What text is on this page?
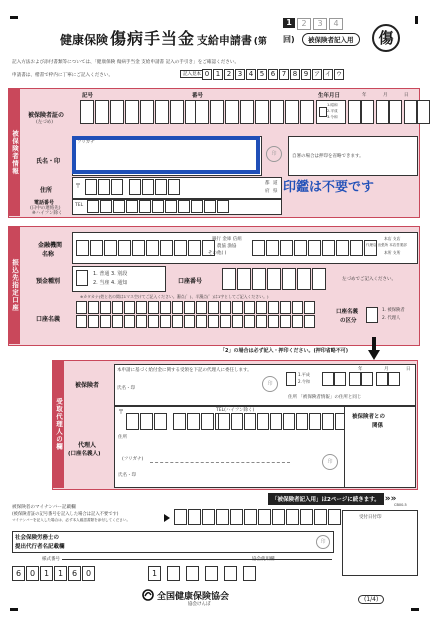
健康保険 傷病手当金 支給申請書 (第
1	2	3	4
回)	被保険者記入用	傷
記入方法および添付書類等については、「健康保険 傷病手当金 支給申請書 記入の手引き」をご確認ください。
申請書は、楷書で枠内に丁寧にご記入ください。	記入見本 0 1 2 3 4 5 6 7 8 9 ア イ ウ
被保険者情報
記号	番号	生年月日	年	月	日
被保険者証の
(左づめ)
1.昭和
2.平成
3.令和
氏名・印
フリガナ
印	自署の場合は押印を省略できます。
住所
〒	都 道
府 県 印鑑は不要です
電話番号
(日中の連絡先)
※ハイフン除く
TEL
振込先指定口座
金融機関
名称
銀行 金庫 信組
農協 漁協
その他( )
本店 支店
代理店 出張所 本店営業部
本所 支所
預金種別
1. 普通 3. 別段
2. 当座 4. 通知	口座番号	左づめでご記入ください。
※カタカナ(姓と名の間は1マス空けてご記入ください。濁点(゛)、半濁点(゜)は1字としてご記入ください。)
口座名義
口座名義
の区分
1. 被保険者
2. 代理人
「2」の場合は必ず記入・押印ください。(押印省略不可)
受取代理人の欄
被保険者
本申請に基づく給付金に関する受領を下記の代理人に委任します。
氏名・印
印
1.平成
2.令和
年	月	日
住所 「被保険者情報」の住所と同じ
代理人
(口座名義人)
〒	TEL(ハイフン除く)
被保険者との
関係
住所
(フリガナ)
氏名・印
印
「被保険者記入用」は2ページに続きます。 »»
CB00-5
被保険者のマイナンバー記載欄
(被保険者証の記号番号を記入した場合は記入不要です)
マイナンバーを記入した場合は、必ず本人確認書類を添付してください。	受付日付印
社会保険労務士の
提出代行者名記載欄
印
様式番号	協会使用欄
6	0	1	1	6	0	1
全国健康保険協会
協会けんぽ
(1/4)
